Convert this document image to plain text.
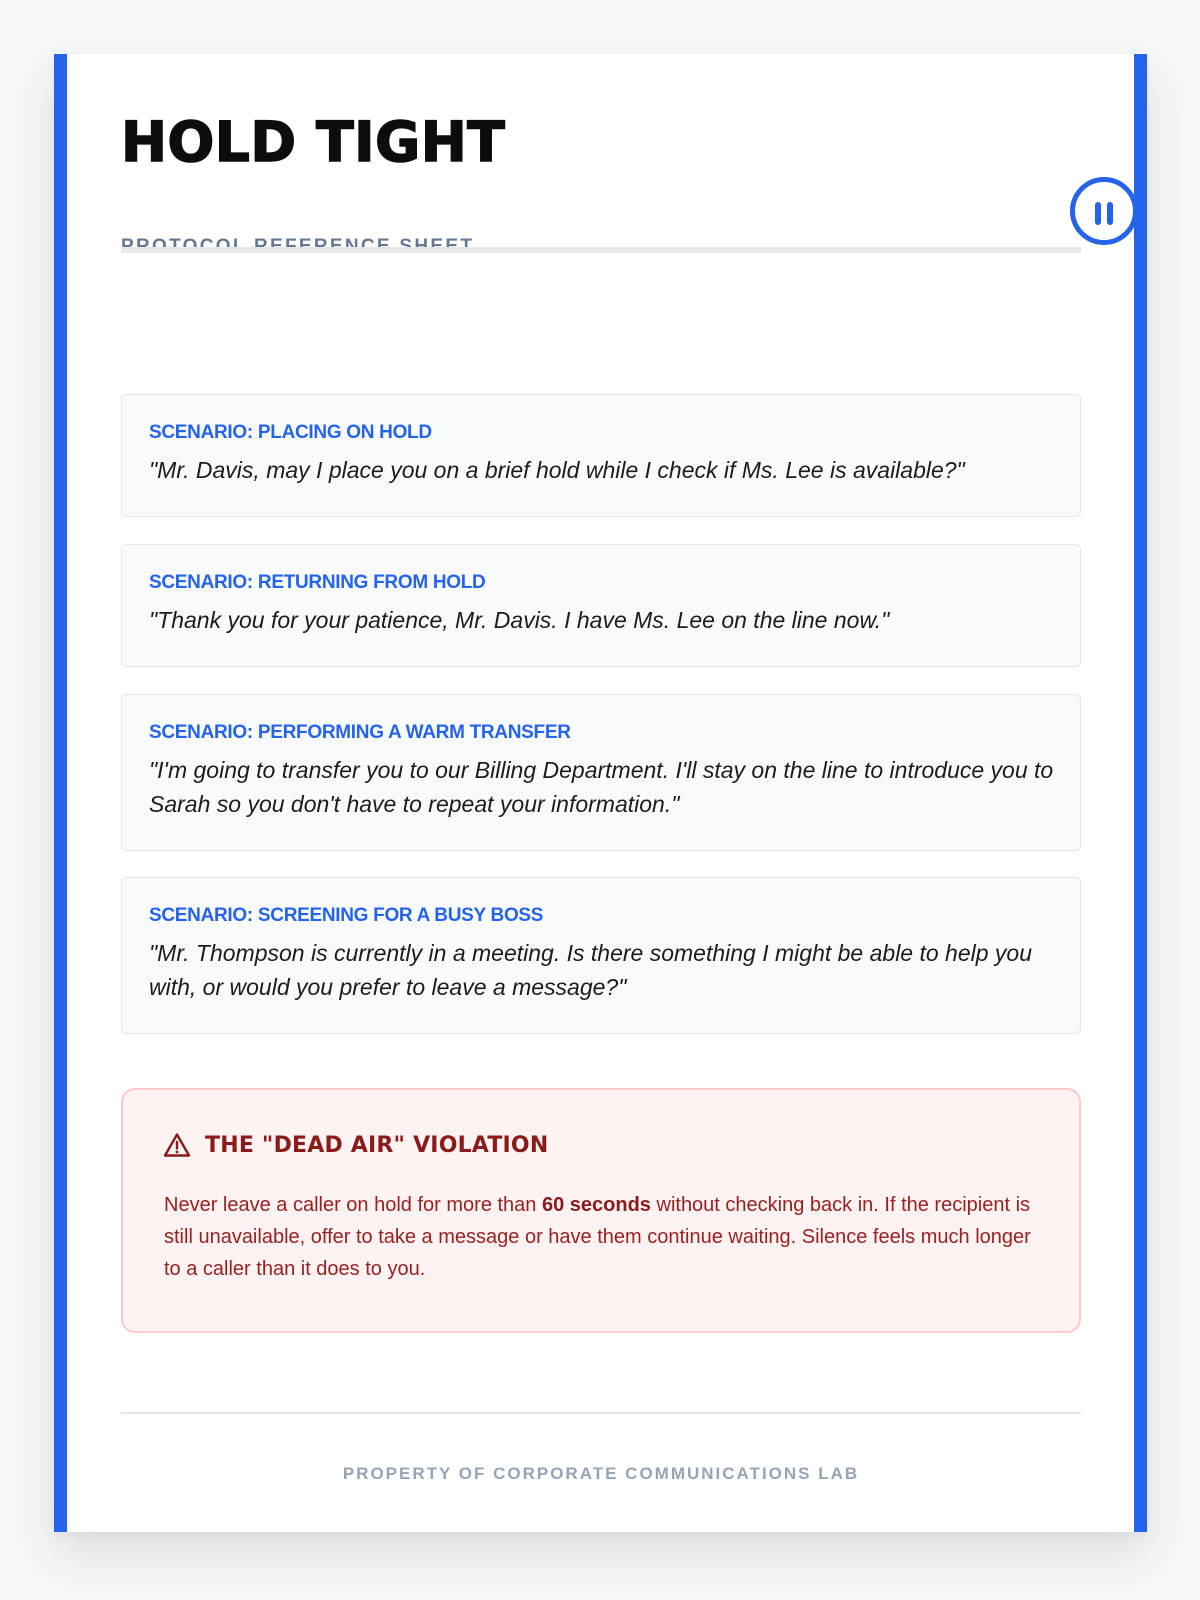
HOLD TIGHT
SCENARIO: PLACING ON HOLD
"Mr. Davis, may I place you on a brief hold while I check if Ms. Lee is available?"
SCENARIO: RETURNING FROM HOLD
"Thank you for your patience, Mr. Davis. I have Ms. Lee on the line now."
SCENARIO: PERFORMING A WARM TRANSFER
"I'm going to transfer you to our Billing Department. I'll stay on the line to introduce you to Sarah so you don't have to repeat your information."
SCENARIO: SCREENING FOR A BUSY BOSS
"Mr. Thompson is currently in a meeting. Is there something I might be able to help you with, or would you prefer to leave a message?"
THE "DEAD AIR" VIOLATION

Never leave a caller on hold for more than 60 seconds without checking back in. If the recipient is still unavailable, offer to take a message or have them continue waiting. Silence feels much longer to a caller than it does to you.

PROPERTY OF CORPORATE COMMUNICATIONS LAB
